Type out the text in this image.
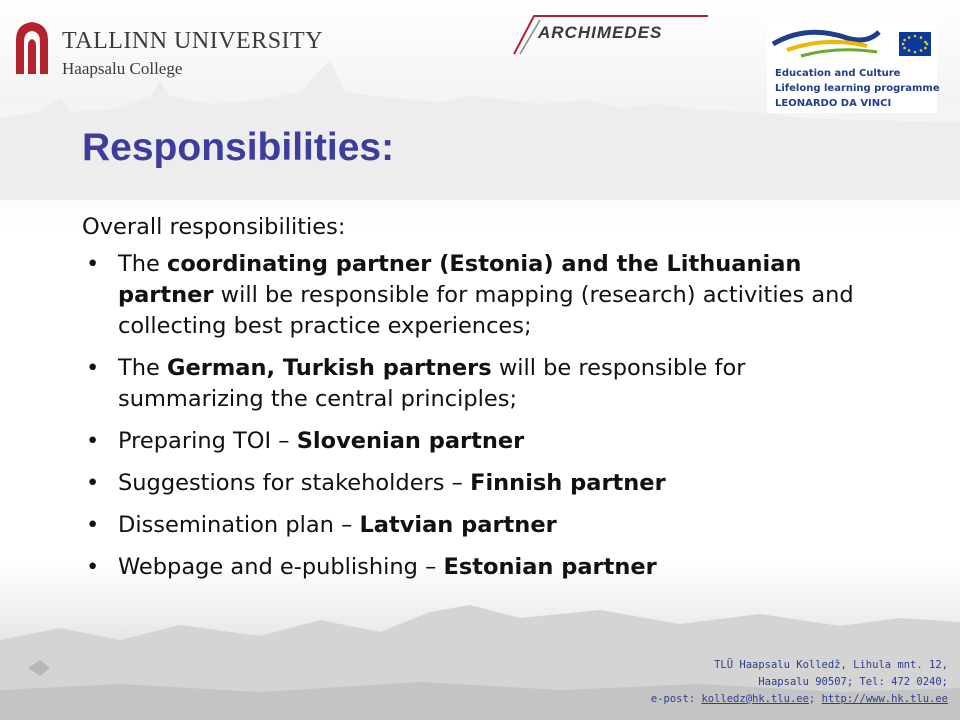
TALLINN UNIVERSITY
Haapsalu College
ARCHIMEDES
Education and Culture
Lifelong learning programme
LEONARDO DA VINCI
Responsibilities:

Overall responsibilities:

• The coordinating partner (Estonia) and the Lithuanian partner will be responsible for mapping (research) activities and collecting best practice experiences;
• The German, Turkish partners will be responsible for summarizing the central principles;
• Preparing TOI – Slovenian partner
• Suggestions for stakeholders – Finnish partner
• Dissemination plan – Latvian partner
• Webpage and e-publishing – Estonian partner
TLÜ Haapsalu Kolledž, Lihula mnt. 12,
Haapsalu 90507; Tel: 472 0240;
e-post: kolledz@hk.tlu.ee; http://www.hk.tlu.ee
